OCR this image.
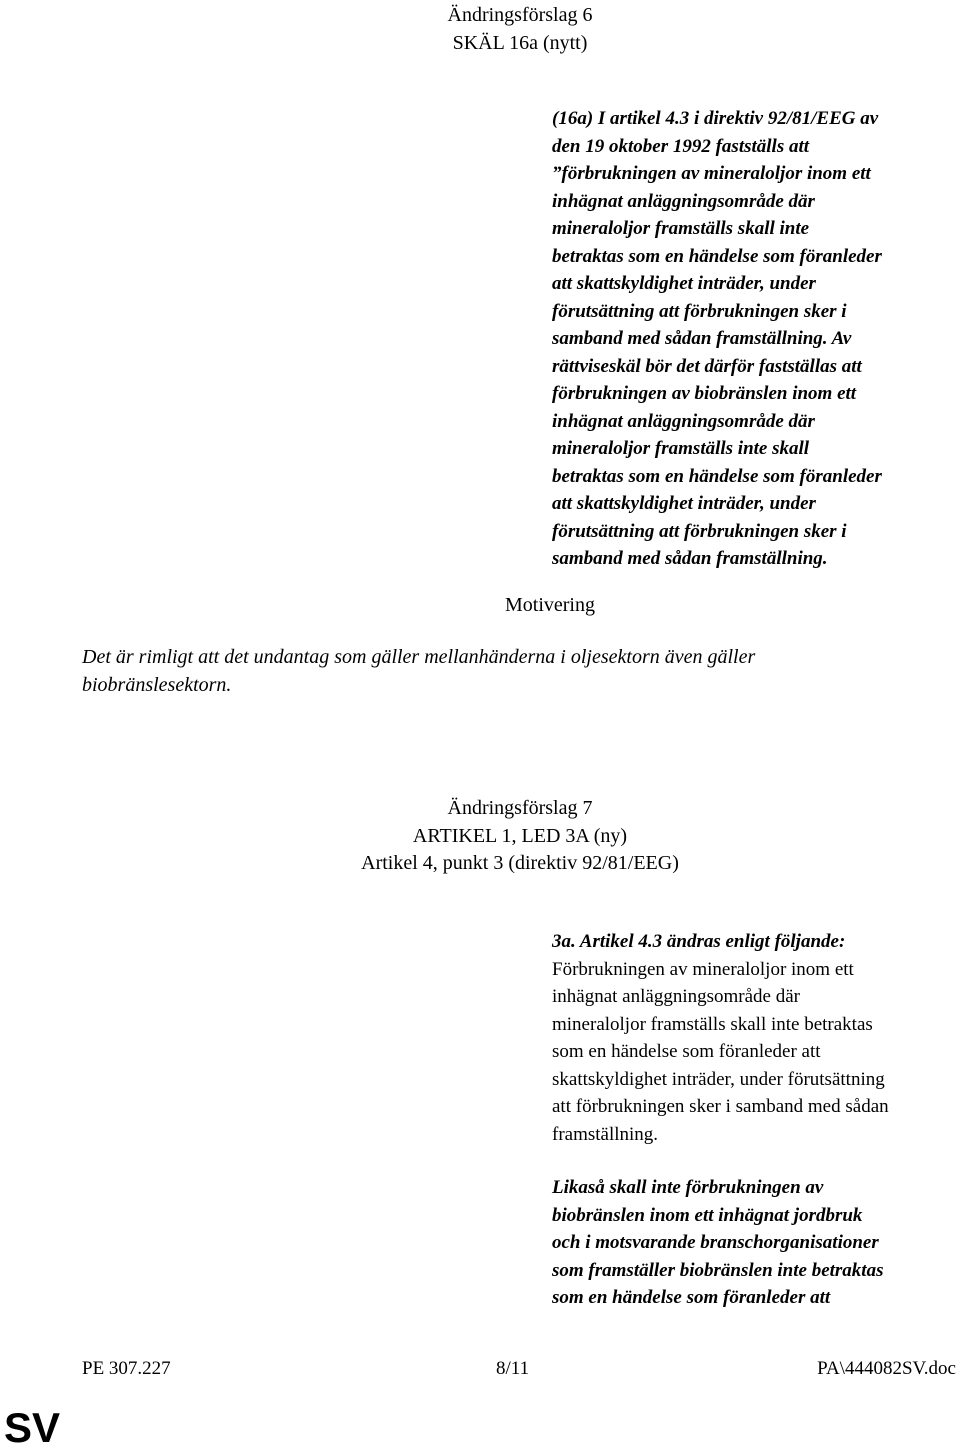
Ändringsförslag 6
SKÄL 16a (nytt)
(16a) I artikel 4.3 i direktiv 92/81/EEG av
den 19 oktober 1992 fastställs att
”förbrukningen av mineraloljor inom ett
inhägnat anläggningsområde där
mineraloljor framställs skall inte
betraktas som en händelse som föranleder
att skattskyldighet inträder, under
förutsättning att förbrukningen sker i
samband med sådan framställning. Av
rättviseskäl bör det därför fastställas att
förbrukningen av biobränslen inom ett
inhägnat anläggningsområde där
mineraloljor framställs inte skall
betraktas som en händelse som föranleder
att skattskyldighet inträder, under
förutsättning att förbrukningen sker i
samband med sådan framställning.
Motivering
Det är rimligt att det undantag som gäller mellanhänderna i oljesektorn även gäller
biobränslesektorn.
Ändringsförslag 7
ARTIKEL 1, LED 3A (ny)
Artikel 4, punkt 3 (direktiv 92/81/EEG)
3a. Artikel 4.3 ändras enligt följande:
Förbrukningen av mineraloljor inom ett
inhägnat anläggningsområde där
mineraloljor framställs skall inte betraktas
som en händelse som föranleder att
skattskyldighet inträder, under förutsättning
att förbrukningen sker i samband med sådan
framställning.
Likaså skall inte förbrukningen av
biobränslen inom ett inhägnat jordbruk
och i motsvarande branschorganisationer
som framställer biobränslen inte betraktas
som en händelse som föranleder att
PE 307.227	8/11	PA\444082SV.doc
SV
